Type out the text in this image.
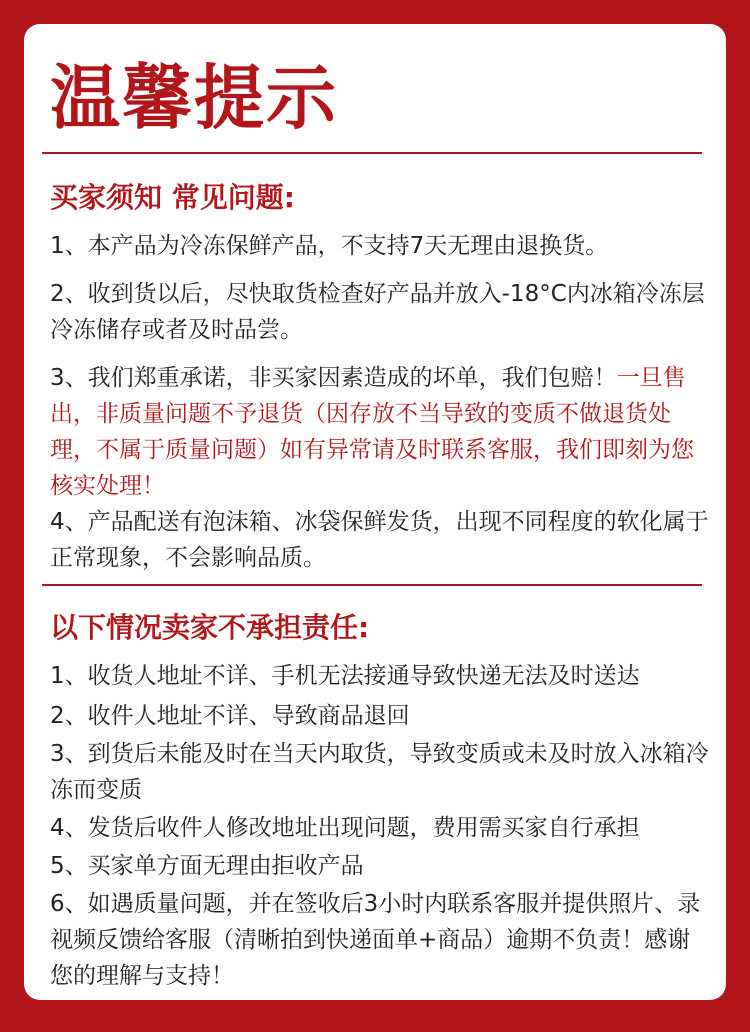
温馨提示
买家须知 常见问题:

1、本产品为冷冻保鲜产品，不支持7天无理由退换货。

2、收到货以后，尽快取货检查好产品并放入-18°C内冰箱冷冻层冷冻储存或者及时品尝。

3、我们郑重承诺，非买家因素造成的坏单，我们包赔！一旦售出，非质量问题不予退货（因存放不当导致的变质不做退货处理，不属于质量问题）如有异常请及时联系客服，我们即刻为您核实处理！

4、产品配送有泡沫箱、冰袋保鲜发货，出现不同程度的软化属于正常现象，不会影响品质。

以下情况卖家不承担责任:

1、收货人地址不详、手机无法接通导致快递无法及时送达

2、收件人地址不详、导致商品退回

3、到货后未能及时在当天内取货，导致变质或未及时放入冰箱冷冻而变质

4、发货后收件人修改地址出现问题，费用需买家自行承担

5、买家单方面无理由拒收产品

6、如遇质量问题，并在签收后3小时内联系客服并提供照片、录视频反馈给客服（清晰拍到快递面单+商品）逾期不负责！感谢您的理解与支持！
